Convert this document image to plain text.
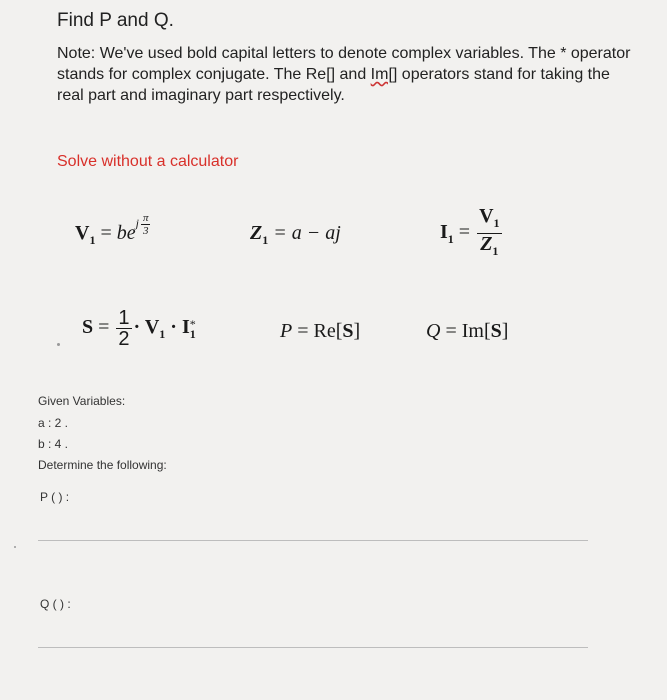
Find P and Q.
Note: We've used bold capital letters to denote complex variables. The * operator stands for complex conjugate. The Re[] and Im[] operators stand for taking the real part and imaginary part respectively.
Solve without a calculator
$V_1 = be^{j \frac{\pi}{3}}$	$Z_1 = a$ − aj	$I_1 = \frac{V_1}{Z_1}$
$S = \frac{1}{2} \cdot V_1 \cdot I$ *
1	P = Re[S]	Q = Im[S]
Given Variables:
a : 2 .
b : 4 .
Determine the following:
P ( ) :
Q ( ) :
